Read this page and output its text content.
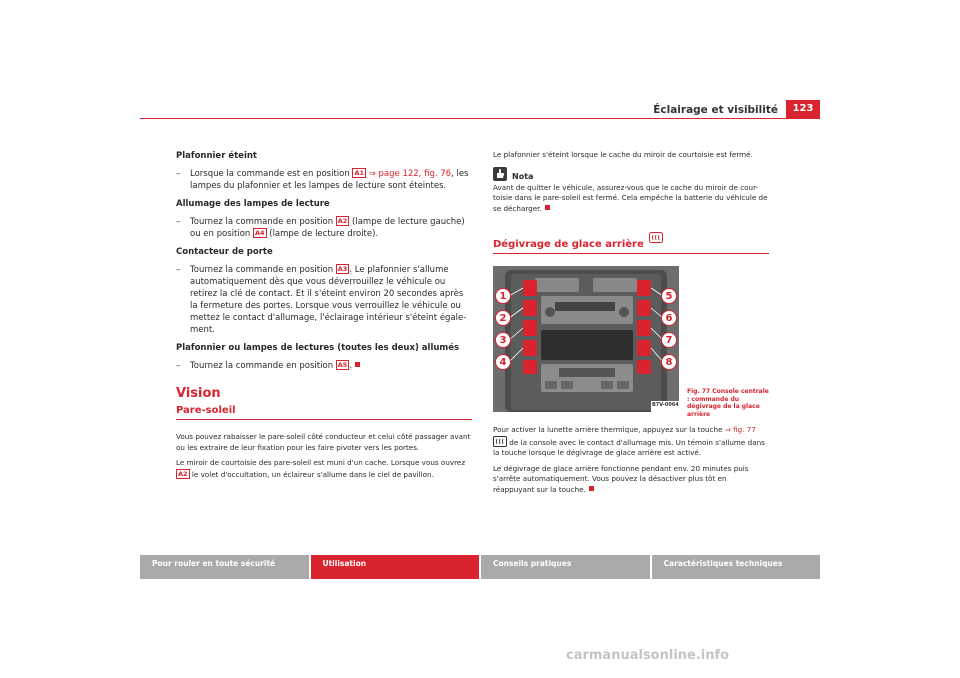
Éclairage et visibilité	123
Plafonnier éteint
–	Lorsque la commande est en position A1 ⇒ page 122, fig. 76, les lampes du plafonnier et les lampes de lecture sont éteintes.
Allumage des lampes de lecture
–	Tournez la commande en position A2 (lampe de lecture gauche) ou en position A4 (lampe de lecture droite).
Contacteur de porte
–	Tournez la commande en position A3 . Le plafonnier s'allume automatiquement dès que vous déverrouillez le véhicule ou retirez la clé de contact. Et il s'éteint environ 20 secondes après la fermeture des portes. Lorsque vous verrouillez le véhicule ou mettez le contact d'allumage, l'éclairage intérieur s'éteint égale-ment.
Plafonnier ou lampes de lectures (toutes les deux) allumés
–	Tournez la commande en position A5 .
Vision
Pare-soleil
Vous pouvez rabaisser le pare-soleil côté conducteur et celui côté passager avant ou les extraire de leur fixation pour les faire pivoter vers les portes.
Le miroir de courtoisie des pare-soleil est muni d'un cache. Lorsque vous ouvrez A2 le volet d'occultation, un éclaireur s'allume dans le ciel de pavillon.
Le plafonnier s'éteint lorsque le cache du miroir de courtoisie est fermé.
Nota
Avant de quitter le véhicule, assurez-vous que le cache du miroir de cour-toisie dans le pare-soleil est fermé. Cela empêche la batterie du véhicule de se décharger.
Dégivrage de glace arrière
1
2
3
4
5
6
7
8
B7V-0064
Fig. 77 Console centrale : commande du dégivrage de la glace arrière
Pour activer la lunette arrière thermique, appuyez sur la touche ⇒ fig. 77  de la console avec le contact d'allumage mis. Un témoin s'allume dans la touche lorsque le dégivrage de glace arrière est activé.
Le dégivrage de glace arrière fonctionne pendant env. 20 minutes puis s'arrête automatiquement. Vous pouvez la désactiver plus tôt en réappuyant sur la touche.
Pour rouler en toute sécurité	Utilisation	Conseils pratiques	Caractéristiques techniques
carmanualsonline.info
